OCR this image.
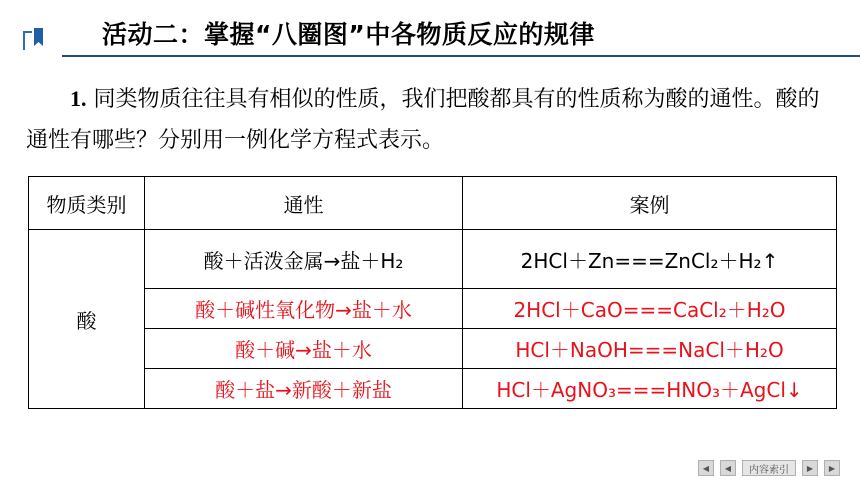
活动二：掌握“八圈图”中各物质反应的规律
1. 同类物质往往具有相似的性质，我们把酸都具有的性质称为酸的通性。酸的通性有哪些？分别用一例化学方程式表示。
物质类别	通性	案例
酸	酸＋活泼金属→盐＋H₂	2HCl＋Zn===ZnCl₂＋H₂↑
	酸＋碱性氧化物→盐＋水	2HCl＋CaO===CaCl₂＋H₂O
	酸＋碱→盐＋水	HCl＋NaOH===NaCl＋H₂O
	酸＋盐→新酸＋新盐	HCl＋AgNO₃===HNO₃＋AgCl↓
◀ ◀	内容索引	▶ ▶
